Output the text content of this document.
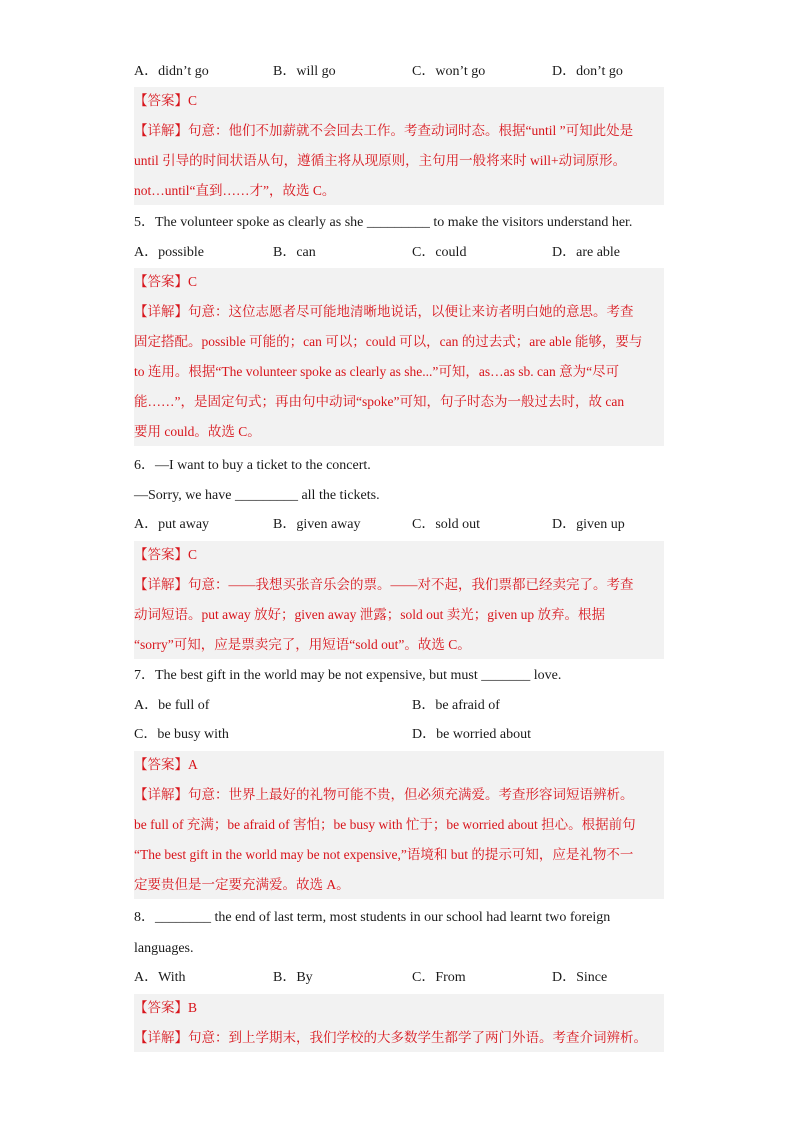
A．didn’t go	B．will go	C．won’t go	D．don’t go
【答案】C
【详解】句意：他们不加薪就不会回去工作。考查动词时态。根据“until ”可知此处是
until 引导的时间状语从句，遵循主将从现原则，主句用一般将来时 will+动词原形。
not…until“直到……才”，故选 C。
5．The volunteer spoke as clearly as she _________ to make the visitors understand her.
A．possible	B．can	C．could	D．are able
【答案】C
【详解】句意：这位志愿者尽可能地清晰地说话，以便让来访者明白她的意思。考查
固定搭配。possible 可能的；can 可以；could 可以，can 的过去式；are able 能够，要与
to 连用。根据“The volunteer spoke as clearly as she...”可知，as…as sb. can 意为“尽可
能……”，是固定句式；再由句中动词“spoke”可知，句子时态为一般过去时，故 can
要用 could。故选 C。
6．—I want to buy a ticket to the concert.
—Sorry, we have _________ all the tickets.
A．put away	B．given away	C．sold out	D．given up
【答案】C
【详解】句意：——我想买张音乐会的票。——对不起，我们票都已经卖完了。考查
动词短语。put away 放好；given away 泄露；sold out 卖光；given up 放弃。根据
“sorry”可知，应是票卖完了，用短语“sold out”。故选 C。
7．The best gift in the world may be not expensive, but must _______ love.
A．be full of	B．be afraid of
C．be busy with	D．be worried about
【答案】A
【详解】句意：世界上最好的礼物可能不贵，但必须充满爱。考查形容词短语辨析。
be full of 充满；be afraid of 害怕；be busy with 忙于；be worried about 担心。根据前句
“The best gift in the world may be not expensive,”语境和 but 的提示可知，应是礼物不一
定要贵但是一定要充满爱。故选 A。
8．________ the end of last term, most students in our school had learnt two foreign
languages.
A．With	B．By	C．From	D．Since
【答案】B
【详解】句意：到上学期末，我们学校的大多数学生都学了两门外语。考查介词辨析。
